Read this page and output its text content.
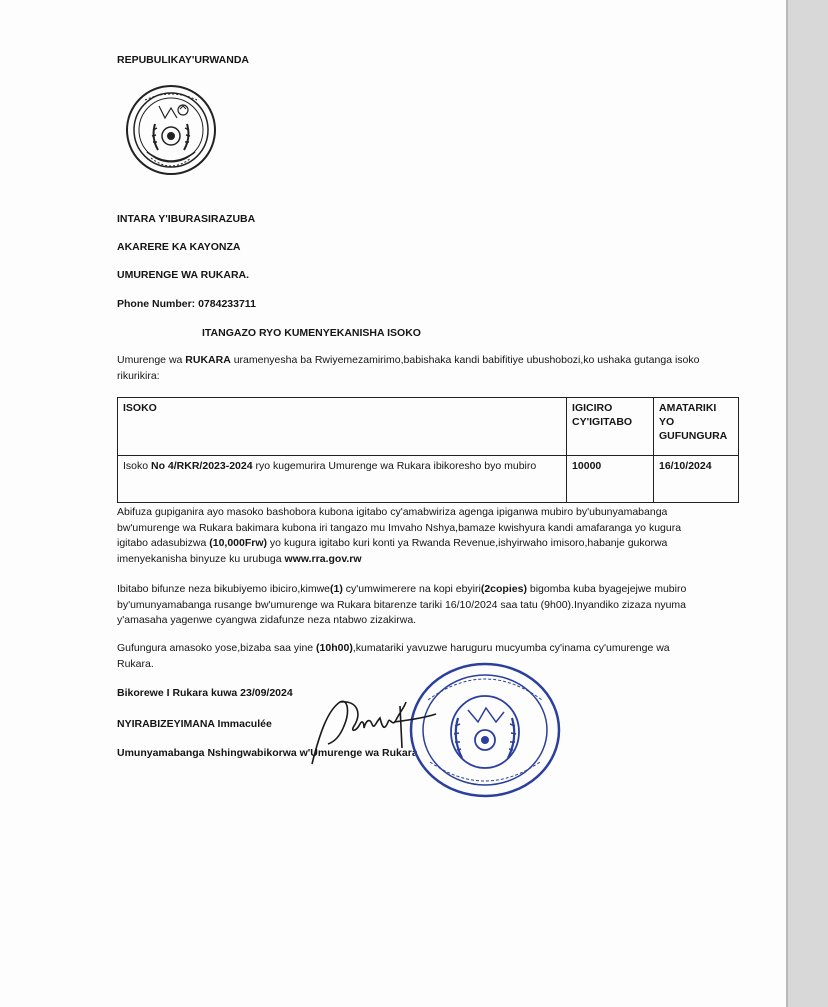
REPUBULIKAY'URWANDA
INTARA Y'IBURASIRAZUBA
AKARERE KA KAYONZA
UMURENGE WA RUKARA.
Phone Number: 0784233711
ITANGAZO RYO KUMENYEKANISHA ISOKO

Umurenge wa RUKARA uramenyesha ba Rwiyemezamirimo,babishaka kandi babifitiye ubushobozi,ko ushaka gutanga isoko rikurikira:

ISOKO	IGICIRO CY'IGITABO	AMATARIKI YO GUFUNGURA
Isoko No 4/RKR/2023-2024 ryo kugemurira Umurenge wa Rukara ibikoresho byo mubiro	10000	16/10/2024

Abifuza gupiganira ayo masoko bashobora kubona igitabo cy'amabwiriza agenga ipiganwa mubiro by'ubunyamabanga bw'umurenge wa Rukara bakimara kubona iri tangazo mu Imvaho Nshya,bamaze kwishyura kandi amafaranga yo kugura igitabo adasubizwa (10,000Frw) yo kugura igitabo kuri konti ya Rwanda Revenue,ishyirwaho imisoro,habanje gukorwa imenyekanisha binyuze ku urubuga www.rra.gov.rw

Ibitabo bifunze neza bikubiyemo ibiciro,kimwe(1) cy'umwimerere na kopi ebyiri(2copies) bigomba kuba byagejejwe mubiro by'umunyamabanga rusange bw'umurenge wa Rukara bitarenze tariki 16/10/2024 saa tatu (9h00).Inyandiko zizaza nyuma y'amasaha yagenwe cyangwa zidafunze neza ntabwo zizakirwa.

Gufungura amasoko yose,bizaba saa yine (10h00),kumatariki yavuzwe haruguru mucyumba cy'inama cy'umurenge wa Rukara.

Bikorewe I Rukara kuwa 23/09/2024
NYIRABIZEYIMANA Immaculée
Umunyamabanga Nshingwabikorwa w'Umurenge wa Rukara
